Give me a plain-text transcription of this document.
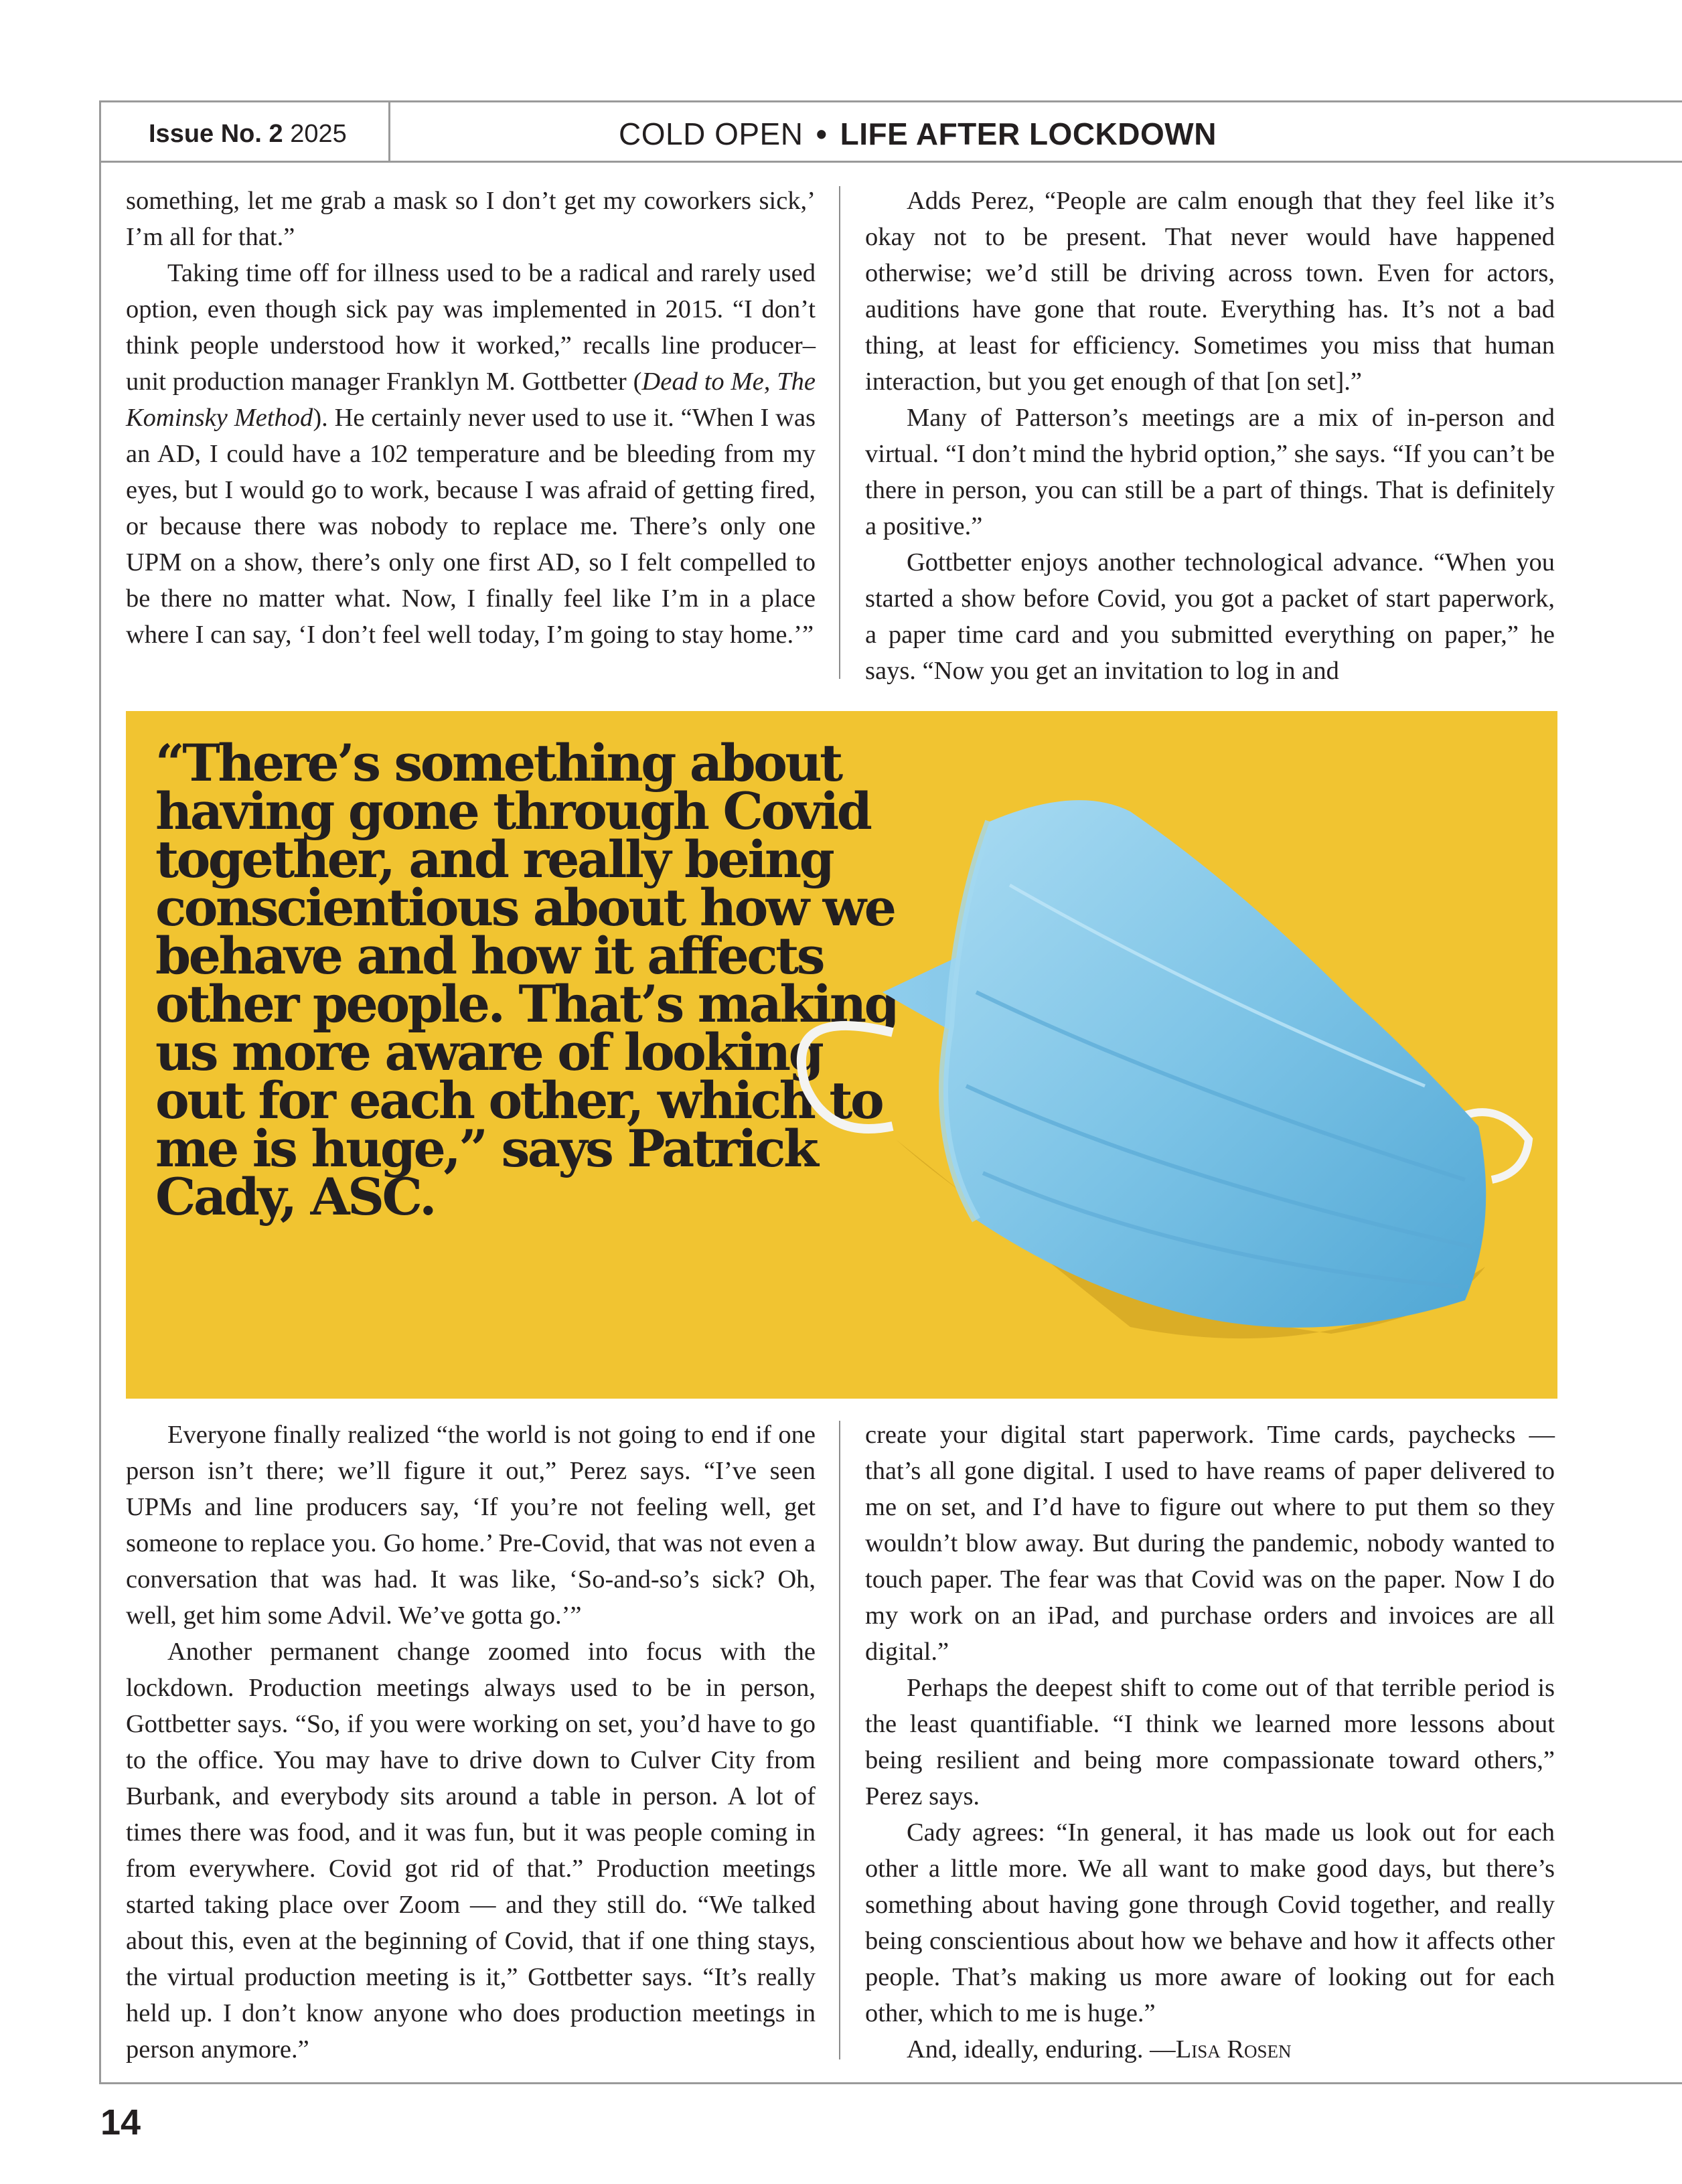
Issue No. 2 2025	COLD OPEN • LIFE AFTER LOCKDOWN

something, let me grab a mask so I don’t get my coworkers sick,’ I’m all for that.”

Taking time off for illness used to be a radical and rarely used option, even though sick pay was implemented in 2015. “I don’t think people understood how it worked,” recalls line producer–unit production manager Franklyn M. Gottbetter (Dead to Me, The Kominsky Method). He certainly never used to use it. “When I was an AD, I could have a 102 temperature and be bleeding from my eyes, but I would go to work, because I was afraid of getting fired, or because there was nobody to replace me. There’s only one UPM on a show, there’s only one first AD, so I felt compelled to be there no matter what. Now, I finally feel like I’m in a place where I can say, ‘I don’t feel well today, I’m going to stay home.’”

Adds Perez, “People are calm enough that they feel like it’s okay not to be present. That never would have happened otherwise; we’d still be driving across town. Even for actors, auditions have gone that route. Everything has. It’s not a bad thing, at least for efficiency. Sometimes you miss that human interaction, but you get enough of that [on set].”

Many of Patterson’s meetings are a mix of in-person and virtual. “I don’t mind the hybrid option,” she says. “If you can’t be there in person, you can still be a part of things. That is definitely a positive.”

Gottbetter enjoys another technological advance. “When you started a show before Covid, you got a packet of start paperwork, a paper time card and you submitted everything on paper,” he says. “Now you get an invitation to log in and

“There’s something about having gone through Covid together, and really being conscientious about how we behave and how it affects other people. That’s making us more aware of looking out for each other, which to me is huge,” says Patrick Cady, ASC.

Everyone finally realized “the world is not going to end if one person isn’t there; we’ll figure it out,” Perez says. “I’ve seen UPMs and line producers say, ‘If you’re not feeling well, get someone to replace you. Go home.’ Pre-Covid, that was not even a conversation that was had. It was like, ‘So-and-so’s sick? Oh, well, get him some Advil. We’ve gotta go.’”

Another permanent change zoomed into focus with the lockdown. Production meetings always used to be in person, Gottbetter says. “So, if you were working on set, you’d have to go to the office. You may have to drive down to Culver City from Burbank, and everybody sits around a table in person. A lot of times there was food, and it was fun, but it was people coming in from everywhere. Covid got rid of that.” Production meetings started taking place over Zoom — and they still do. “We talked about this, even at the beginning of Covid, that if one thing stays, the virtual production meeting is it,” Gottbetter says. “It’s really held up. I don’t know anyone who does production meetings in person anymore.”

create your digital start paperwork. Time cards, paychecks — that’s all gone digital. I used to have reams of paper delivered to me on set, and I’d have to figure out where to put them so they wouldn’t blow away. But during the pandemic, nobody wanted to touch paper. The fear was that Covid was on the paper. Now I do my work on an iPad, and purchase orders and invoices are all digital.”

Perhaps the deepest shift to come out of that terrible period is the least quantifiable. “I think we learned more lessons about being resilient and being more compassionate toward others,” Perez says.

Cady agrees: “In general, it has made us look out for each other a little more. We all want to make good days, but there’s something about having gone through Covid together, and really being conscientious about how we behave and how it affects other people. That’s making us more aware of looking out for each other, which to me is huge.”

And, ideally, enduring. —Lisa Rosen

14
